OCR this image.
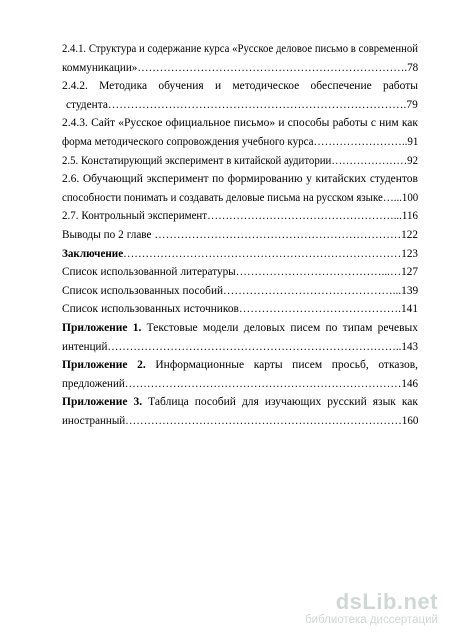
2.4.1. Структура и содержание курса «Русское деловое письмо в современной
коммуникации»……………………………………………………………….78

2.4.2.   Методика   обучения   и   методическое   обеспечение   работы
студента…………………………………………………………………….79

2.4.3. Сайт «Русское официальное письмо» и способы работы с ним как
форма методического сопровождения учебного курса……………………..91

2.5. Констатирующий эксперимент в китайской аудитории…………………92

2.6. Обучающий эксперимент по формированию у китайских студентов
способности понимать и создавать деловые письма на русском языке…...100

2.7. Контрольный эксперимент……………………………………………...116

Выводы по 2 главе …………………………………………………………122

Заключение…………………………………………………………………123

Список использованной литературы…………………………………...…127

Список использованных пособий………………………………………...139

Список использованных источников…………………………………….141

Приложение 1. Текстовые модели деловых писем по типам речевых
интенций……………………………………………………………………..143

Приложение 2. Информационные карты писем просьб, отказов,
предложений…………………………………………………………………146

Приложение 3. Таблица пособий для изучающих русский язык как
иностранный…………………………………………………………………160

dsLib.net
библиотека диссертаций
